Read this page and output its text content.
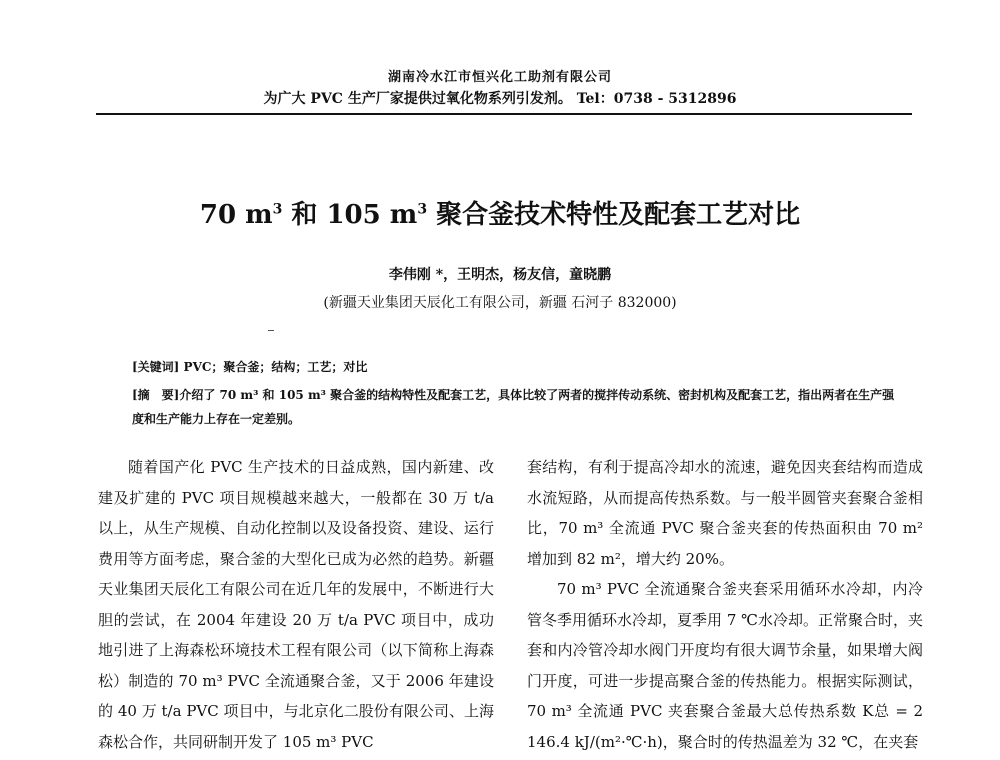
湖南冷水江市恒兴化工助剂有限公司
为广大 PVC 生产厂家提供过氧化物系列引发剂。 Tel：0738 - 5312896
70 $m^3$ 和 105 $m^3$ 聚合釜技术特性及配套工艺对比
李伟刚 *，王明杰，杨友信，童晓鹏
(新疆天业集团天辰化工有限公司，新疆 石河子 832000)
[关键词] PVC；聚合釜；结构；工艺；对比
[摘　要]介绍了 70 m³ 和 105 m³ 聚合釜的结构特性及配套工艺，具体比较了两者的搅拌传动系统、密封机构及配套工艺，指出两者在生产强度和生产能力上存在一定差别。

随着国产化 PVC 生产技术的日益成熟，国内新建、改建及扩建的 PVC 项目规模越来越大，一般都在 30 万 t/a 以上，从生产规模、自动化控制以及设备投资、建设、运行费用等方面考虑，聚合釜的大型化已成为必然的趋势。新疆天业集团天辰化工有限公司在近几年的发展中，不断进行大胆的尝试，在 2004 年建设 20 万 t/a PVC 项目中，成功地引进了上海森松环境技术工程有限公司（以下简称上海森松）制造的 70 m³ PVC 全流通聚合釜，又于 2006 年建设的 40 万 t/a PVC 项目中，与北京化二股份有限公司、上海森松合作，共同研制开发了 105 m³ PVC

套结构，有利于提高冷却水的流速，避免因夹套结构而造成水流短路，从而提高传热系数。与一般半圆管夹套聚合釜相比，70 m³ 全流通 PVC 聚合釜夹套的传热面积由 70 m² 增加到 82 m²，增大约 20%。

70 m³ PVC 全流通聚合釜夹套采用循环水冷却，内冷管冬季用循环水冷却，夏季用 7 ℃水冷却。正常聚合时，夹套和内冷管冷却水阀门开度均有很大调节余量，如果增大阀门开度，可进一步提高聚合釜的传热能力。根据实际测试，70 m³ 全流通 PVC 夹套聚合釜最大总传热系数 K总 = 2 146.4 kJ/(m²·℃·h)，聚合时的传热温差为 32 ℃，在夹套
